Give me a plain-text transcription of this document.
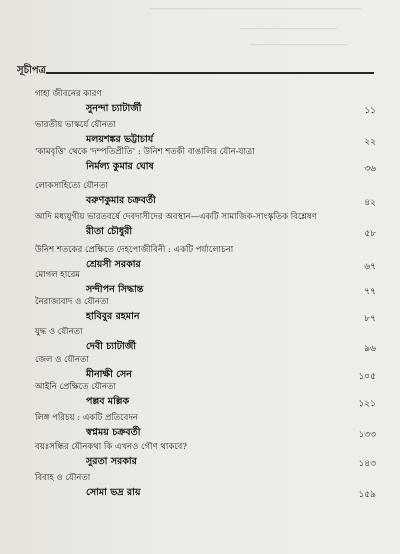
━━━━━━━━━━━━━━━━━━━━━━━━━━━━━━━━━━━━━━━━━━━━━━━━━━
━━━━━━━━━━━━━━━━━━━━━━━
━━━━━━━━━━━━━━━━━━━━━━━
সূচীপত্র
গাহা জীবনের কারণ
সুনন্দা চ্যাটার্জী	১১
ভারতীয় ভাস্কর্যে যৌনতা
মলয়শঙ্কর ভট্টাচার্য	২২
'কামবৃত্তি' থেকে 'দম্পতিপ্রীতি' : উনিশ শতকী বাঙালির যৌন-যাত্রা
নির্মল্য কুমার ঘোষ	৩৬
লোকসাহিত্যে যৌনতা
বরুণকুমার চক্রবর্তী	৪২
আদি মধ্যযুগীয় ভারতবর্ষে দেবদাসীদের অবস্থান—একটি সামাজিক-সাংস্কৃতিক বিশ্লেষণ
রীতা চৌধুরী	৫৮
উনিশ শতকের প্রেক্ষিতে দেহপোজীবিনী : একটি পর্যালোচনা
শ্রেয়সী সরকার	৬৭
মোগল হারেম
সন্দীপন সিদ্ধান্ত	৭৭
নৈরাজ্যবাদ ও যৌনতা
হাবিবুর রহমান	৮৭
যুদ্ধ ও যৌনতা
দেবী চ্যাটার্জী	৯৬
জেল ও যৌনতা
মীনাক্ষী সেন	১০৫
আইনি প্রেক্ষিতে যৌনতা
পল্লব মল্লিক	১২১
লিঙ্গ পরিচয় : একটি প্রতিবেদন
স্বপ্নময় চক্রবর্তী	১৩৩
বয়ঃসন্ধির যৌনকথা কি এখনও গৌণ থাকবে?
সুরতা সরকার	১৪৩
বিবাহ ও যৌনতা
সোমা ভদ্র রায়	১৫৯
